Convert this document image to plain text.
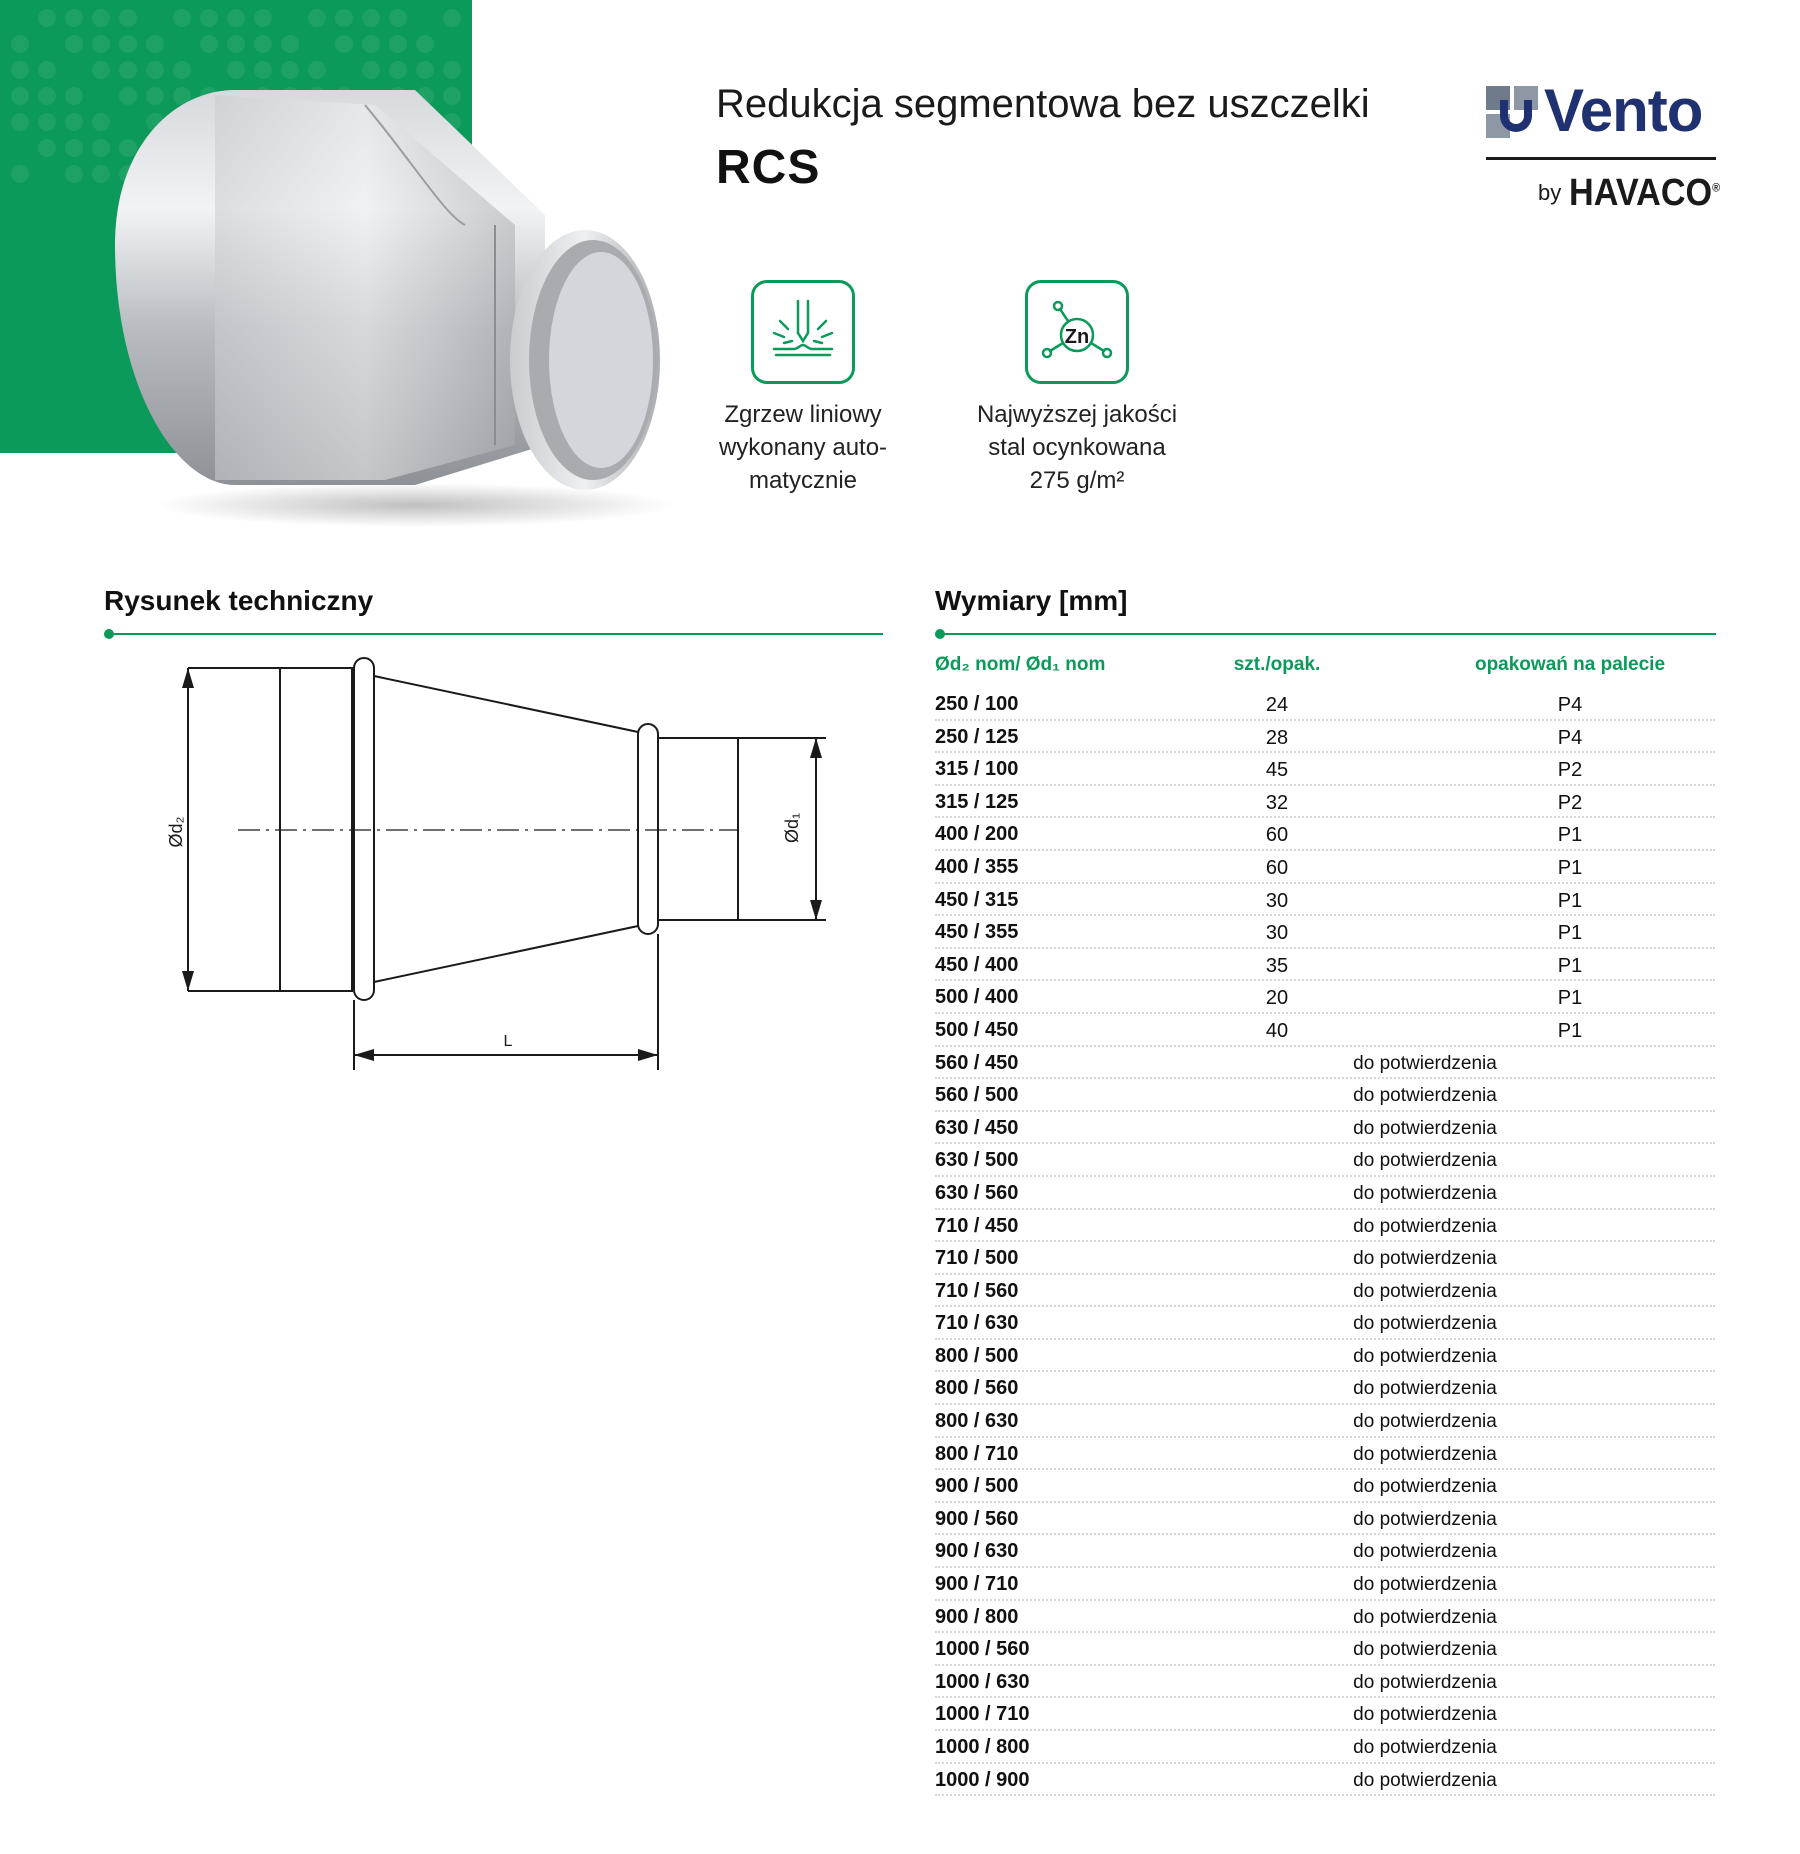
Redukcja segmentowa bez uszczelki
RCS
Vento
by HAVACO®
Zgrzew liniowy
wykonany auto-
matycznie
Zn
Najwyższej jakości
stal ocynkowana
275 g/m²
Rysunek techniczny
Ød₂
L
Ød₁
Wymiary [mm]
Ød₂ nom/ Ød₁ nom	szt./opak.	opakowań na palecie
250 / 100	24	P4
250 / 125	28	P4
315 / 100	45	P2
315 / 125	32	P2
400 / 200	60	P1
400 / 355	60	P1
450 / 315	30	P1
450 / 355	30	P1
450 / 400	35	P1
500 / 400	20	P1
500 / 450	40	P1
560 / 450	do potwierdzenia
560 / 500	do potwierdzenia
630 / 450	do potwierdzenia
630 / 500	do potwierdzenia
630 / 560	do potwierdzenia
710 / 450	do potwierdzenia
710 / 500	do potwierdzenia
710 / 560	do potwierdzenia
710 / 630	do potwierdzenia
800 / 500	do potwierdzenia
800 / 560	do potwierdzenia
800 / 630	do potwierdzenia
800 / 710	do potwierdzenia
900 / 500	do potwierdzenia
900 / 560	do potwierdzenia
900 / 630	do potwierdzenia
900 / 710	do potwierdzenia
900 / 800	do potwierdzenia
1000 / 560	do potwierdzenia
1000 / 630	do potwierdzenia
1000 / 710	do potwierdzenia
1000 / 800	do potwierdzenia
1000 / 900	do potwierdzenia
